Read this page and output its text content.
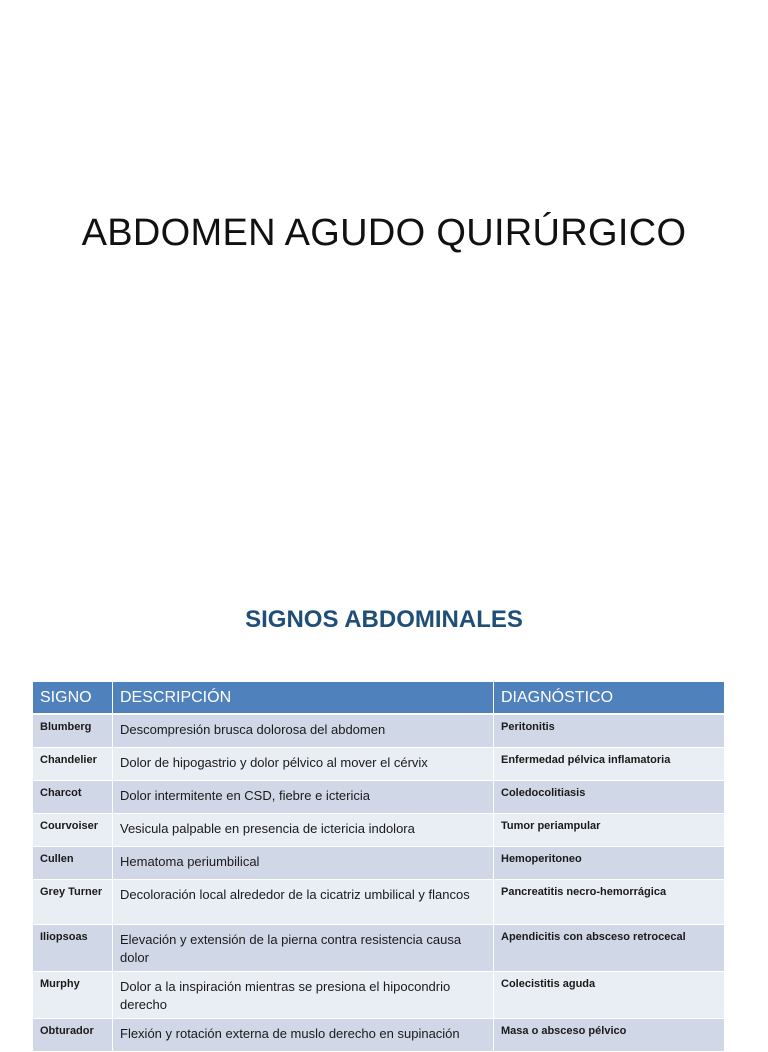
ABDOMEN AGUDO QUIRÚRGICO
SIGNOS ABDOMINALES
SIGNO	DESCRIPCIÓN	DIAGNÓSTICO
Blumberg	Descompresión brusca dolorosa del abdomen	Peritonitis
Chandelier	Dolor de hipogastrio y dolor pélvico al mover el cérvix	Enfermedad pélvica inflamatoria
Charcot	Dolor intermitente en CSD, fiebre e ictericia	Coledocolitiasis
Courvoiser	Vesicula palpable en presencia de ictericia indolora	Tumor periampular
Cullen	Hematoma periumbilical	Hemoperitoneo
Grey Turner	Decoloración local alrededor de la cicatriz umbilical y flancos	Pancreatitis necro-hemorrágica
Iliopsoas	Elevación y extensión de la pierna contra resistencia causa dolor	Apendicitis con absceso retrocecal
Murphy	Dolor a la inspiración mientras se presiona el hipocondrio derecho	Colecistitis aguda
Obturador	Flexión y rotación externa de muslo derecho en supinación	Masa o absceso pélvico
